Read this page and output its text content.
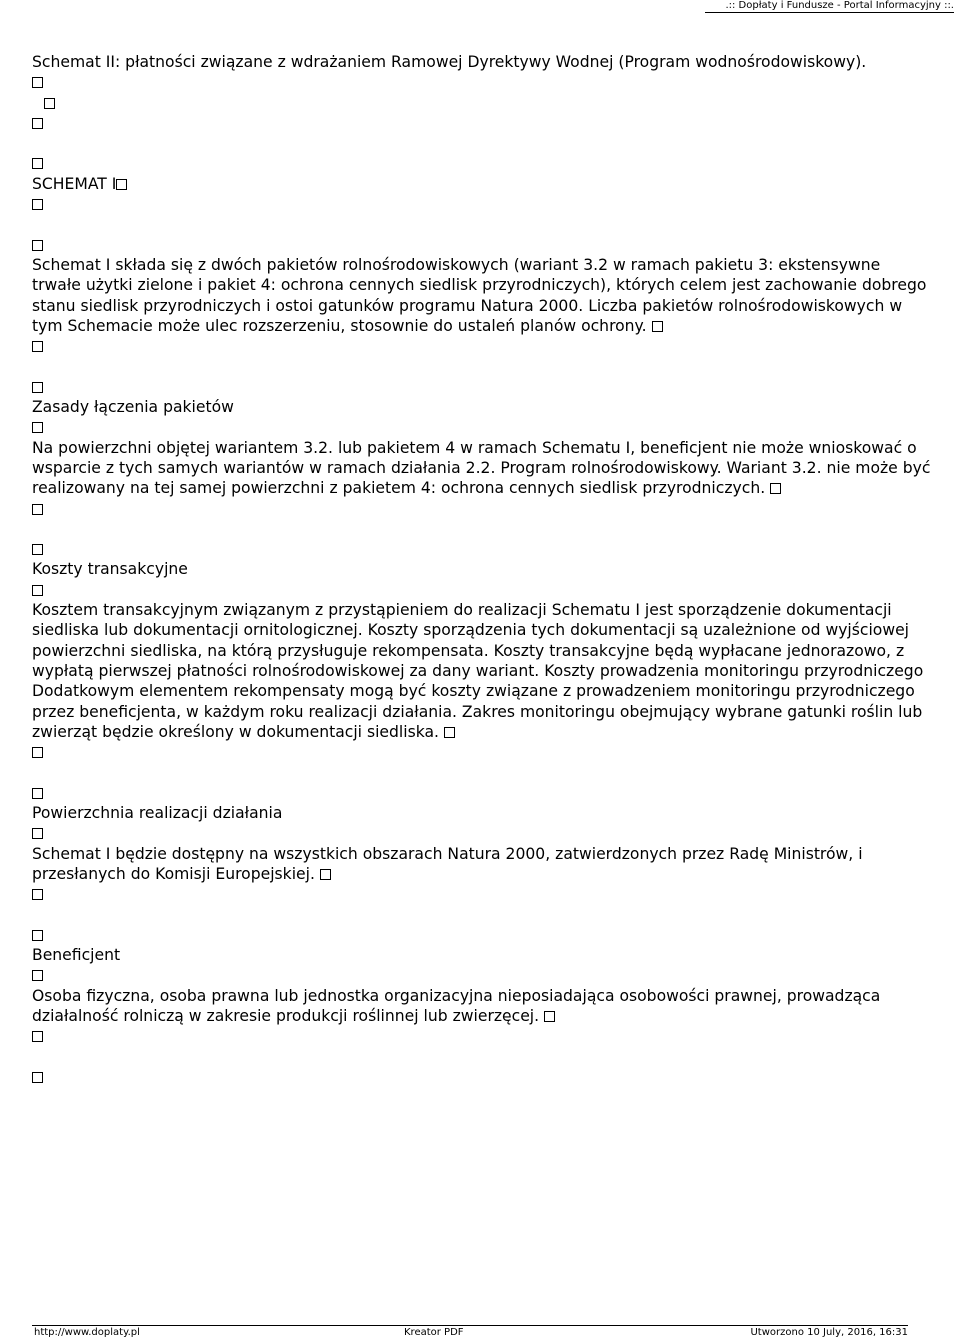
.:: Dopłaty i Fundusze - Portal Informacyjny ::.

Schemat II: płatności związane z wdrażaniem Ramowej Dyrektywy Wodnej (Program wodnośrodowiskowy).

SCHEMAT I

Schemat I składa się z dwóch pakietów rolnośrodowiskowych (wariant 3.2 w ramach pakietu 3: ekstensywne trwałe użytki zielone i pakiet 4: ochrona cennych siedlisk przyrodniczych), których celem jest zachowanie dobrego stanu siedlisk przyrodniczych i ostoi gatunków programu Natura 2000. Liczba pakietów rolnośrodowiskowych w tym Schemacie może ulec rozszerzeniu, stosownie do ustaleń planów ochrony.

Zasady łączenia pakietów

Na powierzchni objętej wariantem 3.2. lub pakietem 4 w ramach Schematu I, beneficjent nie może wnioskować o wsparcie z tych samych wariantów w ramach działania 2.2. Program rolnośrodowiskowy. Wariant 3.2. nie może być realizowany na tej samej powierzchni z pakietem 4: ochrona cennych siedlisk przyrodniczych.

Koszty transakcyjne

Kosztem transakcyjnym związanym z przystąpieniem do realizacji Schematu I jest sporządzenie dokumentacji siedliska lub dokumentacji ornitologicznej. Koszty sporządzenia tych dokumentacji są uzależnione od wyjściowej powierzchni siedliska, na którą przysługuje rekompensata. Koszty transakcyjne będą wypłacane jednorazowo, z wypłatą pierwszej płatności rolnośrodowiskowej za dany wariant. Koszty prowadzenia monitoringu przyrodniczego Dodatkowym elementem rekompensaty mogą być koszty związane z prowadzeniem monitoringu przyrodniczego przez beneficjenta, w każdym roku realizacji działania. Zakres monitoringu obejmujący wybrane gatunki roślin lub zwierząt będzie określony w dokumentacji siedliska.

Powierzchnia realizacji działania

Schemat I będzie dostępny na wszystkich obszarach Natura 2000, zatwierdzonych przez Radę Ministrów, i przesłanych do Komisji Europejskiej.

Beneficjent

Osoba fizyczna, osoba prawna lub jednostka organizacyjna nieposiadająca osobowości prawnej, prowadząca działalność rolniczą w zakresie produkcji roślinnej lub zwierzęcej.

http://www.doplaty.pl	Kreator PDF	Utworzono 10 July, 2016, 16:31
